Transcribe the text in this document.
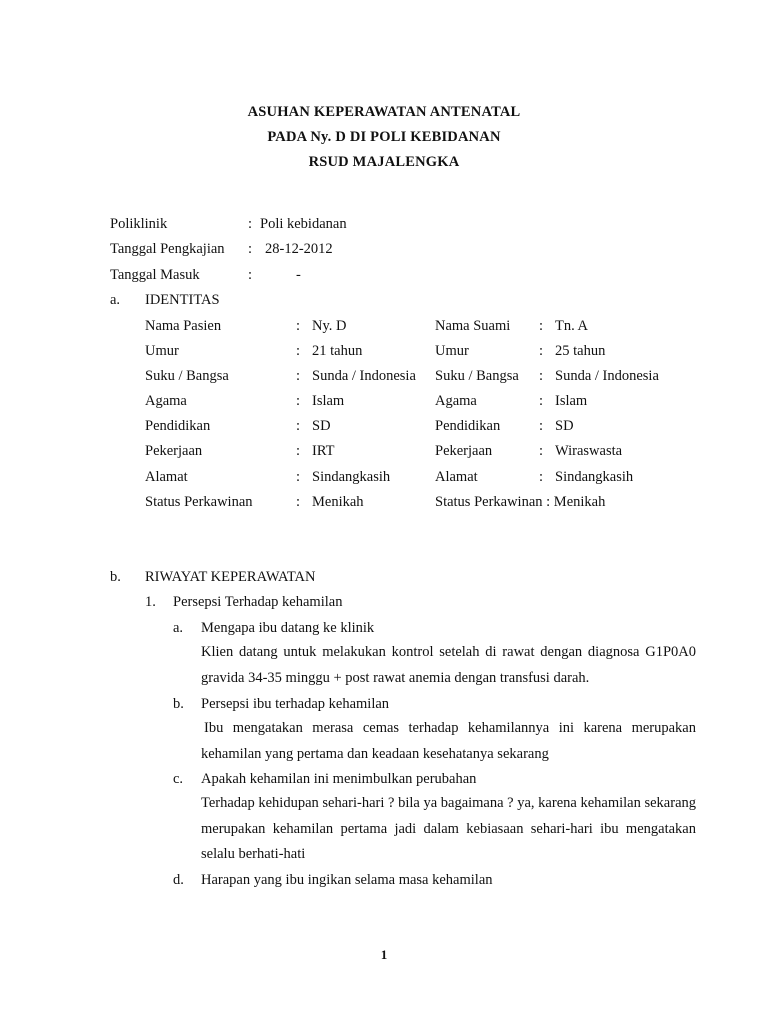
ASUHAN KEPERAWATAN ANTENATAL
PADA Ny. D DI POLI KEBIDANAN
RSUD MAJALENGKA
Poliklinik	: Poli kebidanan
Tanggal Pengkajian : 28-12-2012
Tanggal Masuk	:	-
a. IDENTITAS
Nama Pasien	: Ny. D	Nama Suami : Tn. A
Umur	: 21 tahun	Umur	: 25 tahun
Suku / Bangsa	: Sunda / Indonesia Suku / Bangsa : Sunda / Indonesia
Agama	: Islam	Agama	: Islam
Pendidikan	: SD	Pendidikan	: SD
Pekerjaan	: IRT	Pekerjaan	: Wiraswasta
Alamat	: Sindangkasih	Alamat	: Sindangkasih
Status Perkawinan	: Menikah	Status Perkawinan : Menikah
b. RIWAYAT KEPERAWATAN
1. Persepsi Terhadap kehamilan
a. Mengapa ibu datang ke klinik
Klien datang untuk melakukan kontrol setelah di rawat dengan diagnosa G1P0A0 gravida 34-35 minggu + post rawat anemia dengan transfusi darah.
b. Persepsi ibu terhadap kehamilan
Ibu mengatakan merasa cemas terhadap kehamilannya ini karena merupakan kehamilan yang pertama dan keadaan kesehatanya sekarang
c. Apakah kehamilan ini menimbulkan perubahan
Terhadap kehidupan sehari-hari ? bila ya bagaimana ? ya, karena kehamilan sekarang merupakan kehamilan pertama jadi dalam kebiasaan sehari-hari ibu mengatakan selalu berhati-hati
d. Harapan yang ibu ingikan selama masa kehamilan
1
